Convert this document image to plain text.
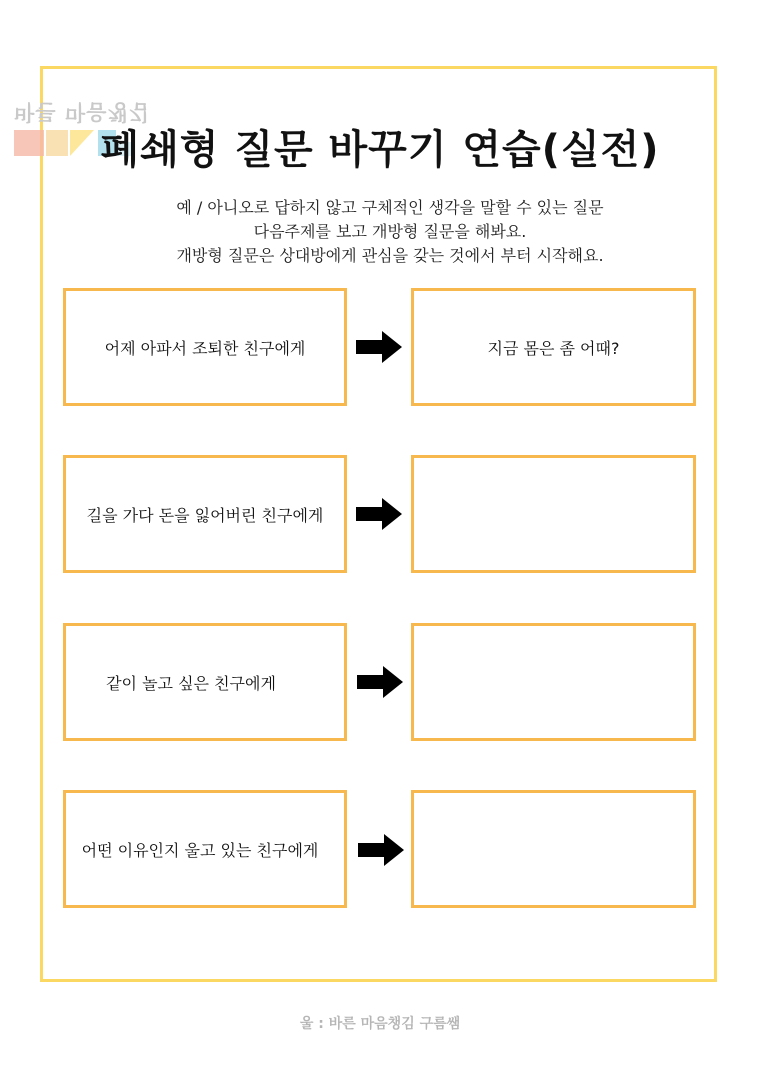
바른 마음챙김
폐쇄형 질문 바꾸기 연습(실전)
예 / 아니오로 답하지 않고 구체적인 생각을 말할 수 있는 질문
다음주제를 보고 개방형 질문을 해봐요.
개방형 질문은 상대방에게 관심을 갖는 것에서 부터 시작해요.
어제 아파서 조퇴한 친구에게	지금 몸은 좀 어때?
길을 가다 돈을 잃어버린 친구에게
같이 놀고 싶은 친구에게
어떤 이유인지 울고 있는 친구에게
울 : 바른 마음챙김 구름쌤
